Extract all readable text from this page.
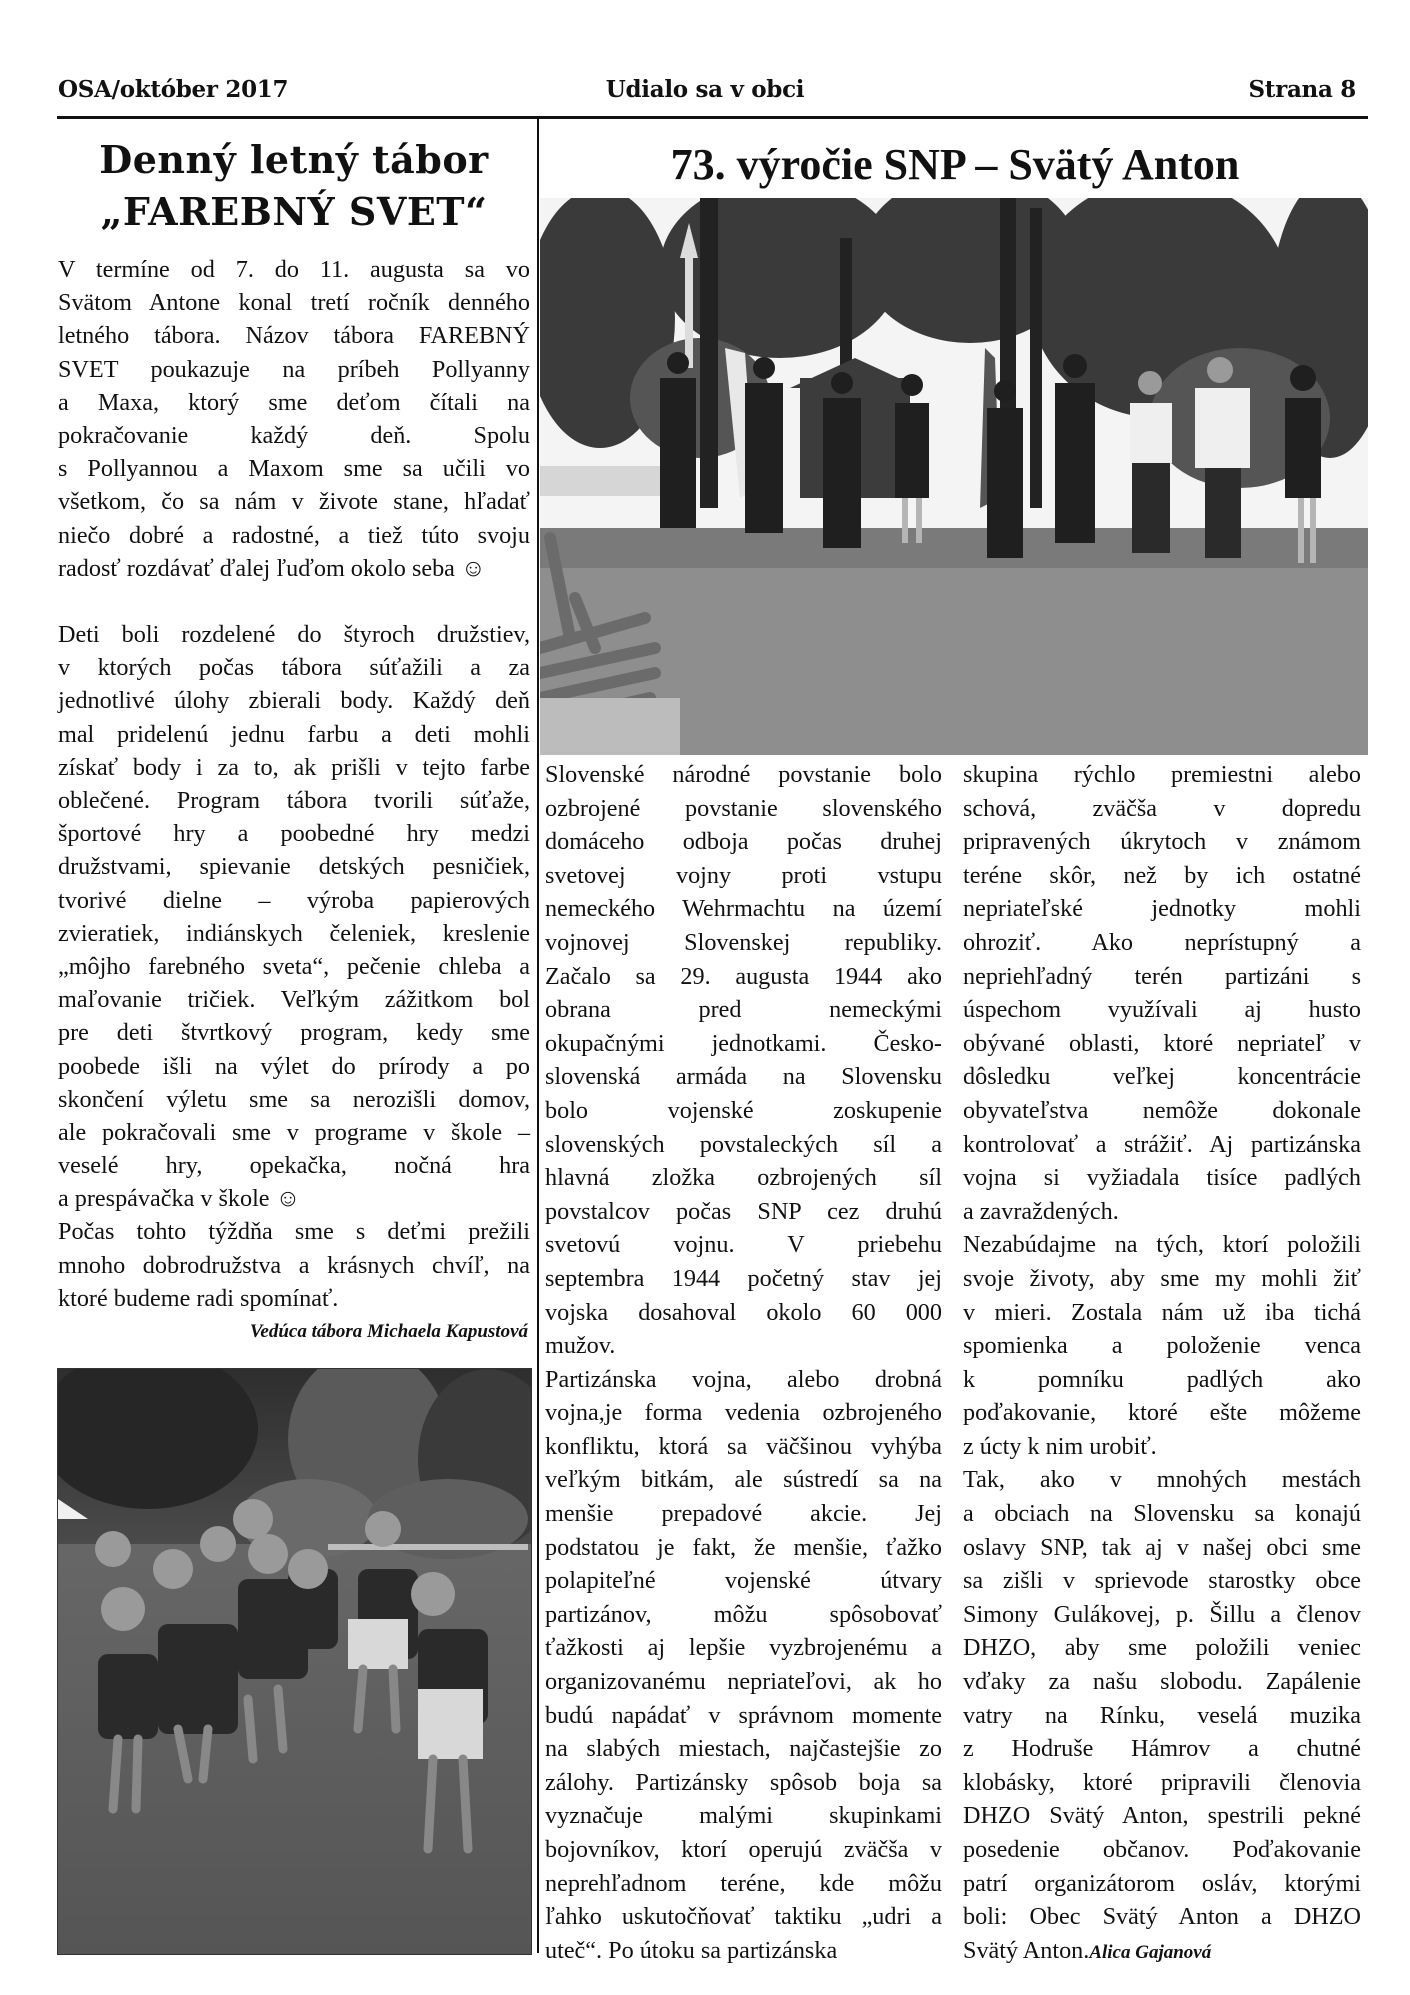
OSA/október 2017	Udialo sa v obci	Strana 8
Denný letný tábor
„FAREBNÝ SVET“
V termíne od 7. do 11. augusta sa vo
Svätom Antone konal tretí ročník denného
letného tábora. Názov tábora FAREBNÝ
SVET poukazuje na príbeh Pollyanny
a Maxa, ktorý sme deťom čítali na
pokračovanie každý deň. Spolu
s Pollyannou a Maxom sme sa učili vo
všetkom, čo sa nám v živote stane, hľadať
niečo dobré a radostné, a tiež túto svoju
radosť rozdávať ďalej ľuďom okolo seba ☺
Deti boli rozdelené do štyroch družstiev,
v ktorých počas tábora súťažili a za
jednotlivé úlohy zbierali body. Každý deň
mal pridelenú jednu farbu a deti mohli
získať body i za to, ak prišli v tejto farbe
oblečené. Program tábora tvorili súťaže,
športové hry a poobedné hry medzi
družstvami, spievanie detských pesničiek,
tvorivé dielne – výroba papierových
zvieratiek, indiánskych čeleniek, kreslenie
„môjho farebného sveta“, pečenie chleba a
maľovanie tričiek. Veľkým zážitkom bol
pre deti štvrtkový program, kedy sme
poobede išli na výlet do prírody a po
skončení výletu sme sa nerozišli domov,
ale pokračovali sme v programe v škole –
veselé hry, opekačka, nočná hra
a prespávačka v škole ☺
Počas tohto týždňa sme s deťmi prežili
mnoho dobrodružstva a krásnych chvíľ, na
ktoré budeme radi spomínať.
Vedúca tábora Michaela Kapustová
73. výročie SNP – Svätý Anton
Slovenské národné povstanie bolo
ozbrojené povstanie slovenského
domáceho odboja počas druhej
svetovej vojny proti vstupu
nemeckého Wehrmachtu na území
vojnovej Slovenskej republiky.
Začalo sa 29. augusta 1944 ako
obrana pred nemeckými
okupačnými jednotkami. Česko-
slovenská armáda na Slovensku
bolo vojenské zoskupenie
slovenských povstaleckých síl a
hlavná zložka ozbrojených síl
povstalcov počas SNP cez druhú
svetovú vojnu. V priebehu
septembra 1944 početný stav jej
vojska dosahoval okolo 60 000
mužov.
Partizánska vojna, alebo drobná
vojna,je forma vedenia ozbrojeného
konfliktu, ktorá sa väčšinou vyhýba
veľkým bitkám, ale sústredí sa na
menšie prepadové akcie. Jej
podstatou je fakt, že menšie, ťažko
polapiteľné vojenské útvary
partizánov, môžu spôsobovať
ťažkosti aj lepšie vyzbrojenému a
organizovanému nepriateľovi, ak ho
budú napádať v správnom momente
na slabých miestach, najčastejšie zo
zálohy. Partizánsky spôsob boja sa
vyznačuje malými skupinkami
bojovníkov, ktorí operujú zväčša v
neprehľadnom teréne, kde môžu
ľahko uskutočňovať taktiku „udri a
uteč“. Po útoku sa partizánska
skupina rýchlo premiestni alebo
schová, zväčša v dopredu
pripravených úkrytoch v známom
teréne skôr, než by ich ostatné
nepriateľské jednotky mohli
ohroziť. Ako neprístupný a
nepriehľadný terén partizáni s
úspechom využívali aj husto
obývané oblasti, ktoré nepriateľ v
dôsledku veľkej koncentrácie
obyvateľstva nemôže dokonale
kontrolovať a strážiť. Aj partizánska
vojna si vyžiadala tisíce padlých
a zavraždených.
Nezabúdajme na tých, ktorí položili
svoje životy, aby sme my mohli žiť
v mieri. Zostala nám už iba tichá
spomienka a položenie venca
k pomníku padlých ako
poďakovanie, ktoré ešte môžeme
z úcty k nim urobiť.
Tak, ako v mnohých mestách
a obciach na Slovensku sa konajú
oslavy SNP, tak aj v našej obci sme
sa zišli v sprievode starostky obce
Simony Gulákovej, p. Šillu a členov
DHZO, aby sme položili veniec
vďaky za našu slobodu. Zapálenie
vatry na Rínku, veselá muzika
z Hodruše Hámrov a chutné
klobásky, ktoré pripravili členovia
DHZO Svätý Anton, spestrili pekné
posedenie občanov. Poďakovanie
patrí organizátorom osláv, ktorými
boli: Obec Svätý Anton a DHZO
Svätý Anton.Alica Gajanová
